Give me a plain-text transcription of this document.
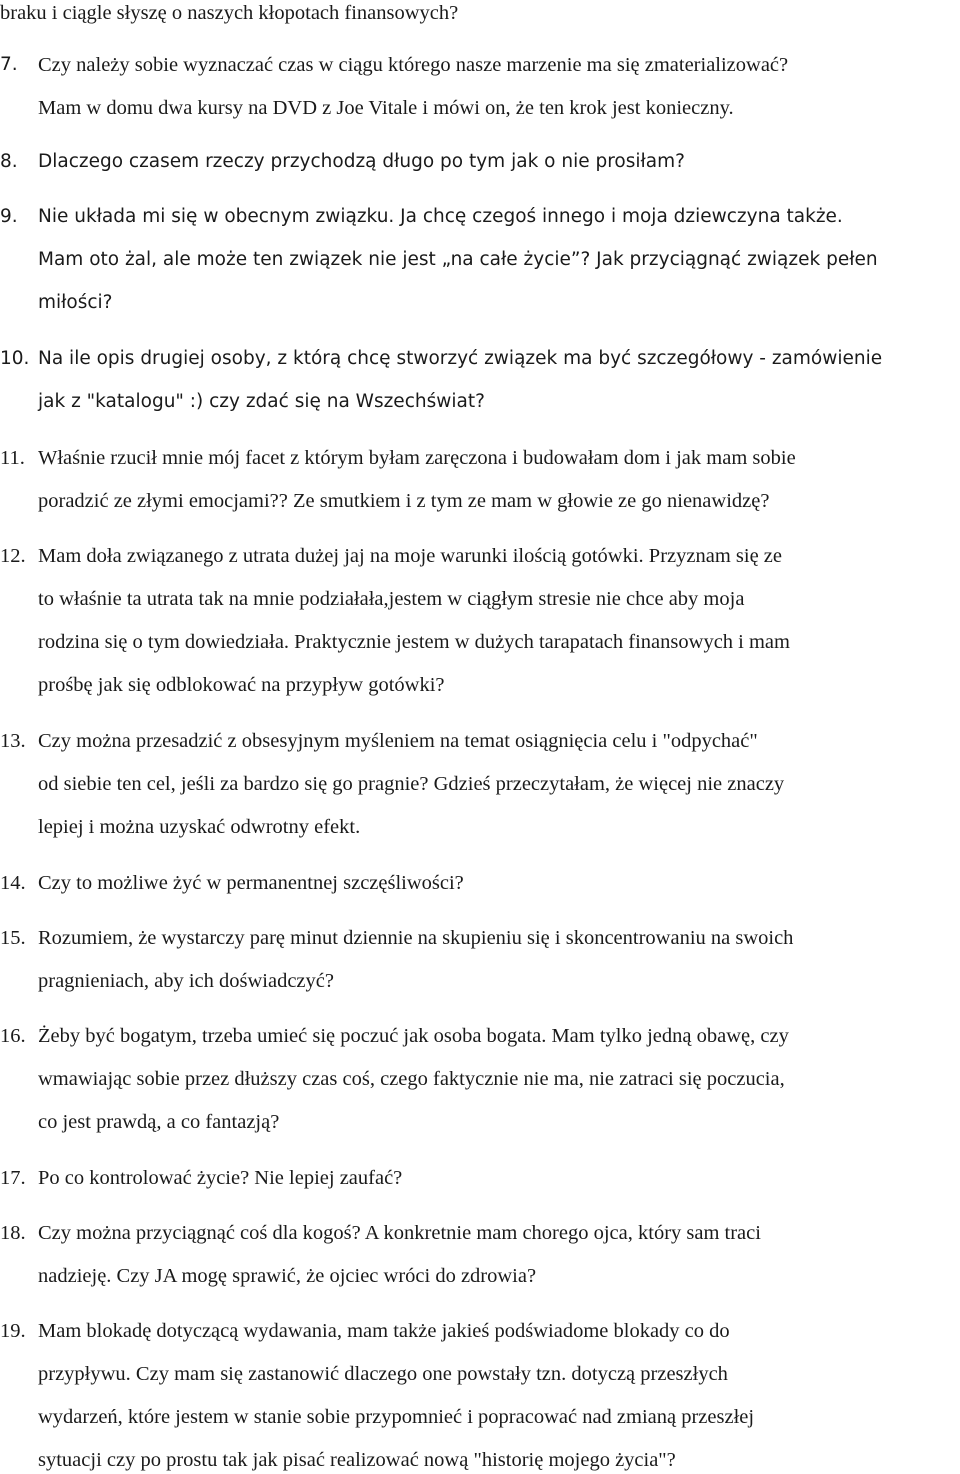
braku i ciągle słyszę o naszych kłopotach finansowych?
7. Czy należy sobie wyznaczać czas w ciągu którego nasze marzenie ma się zmaterializować?
Mam w domu dwa kursy na DVD z Joe Vitale i mówi on, że ten krok jest konieczny.
8. Dlaczego czasem rzeczy przychodzą długo po tym jak o nie prosiłam?
9. Nie układa mi się w obecnym związku. Ja chcę czegoś innego i moja dziewczyna także.
Mam oto żal, ale może ten związek nie jest „na całe życie”? Jak przyciągnąć związek pełen
miłości?
10. Na ile opis drugiej osoby, z którą chcę stworzyć związek ma być szczegółowy - zamówienie
jak z "katalogu" :) czy zdać się na Wszechświat?
11. Właśnie rzucił mnie mój facet z którym byłam zaręczona i budowałam dom i jak mam sobie
poradzić ze złymi emocjami?? Ze smutkiem i z tym ze mam w głowie ze go nienawidzę?
12. Mam doła związanego z utrata dużej jaj na moje warunki ilością gotówki. Przyznam się ze
to właśnie ta utrata tak na mnie podziałała,jestem w ciągłym stresie nie chce aby moja
rodzina się o tym dowiedziała. Praktycznie jestem w dużych tarapatach finansowych i mam
prośbę jak się odblokować na przypływ gotówki?
13. Czy można przesadzić z obsesyjnym myśleniem na temat osiągnięcia celu i "odpychać"
od siebie ten cel, jeśli za bardzo się go pragnie? Gdzieś przeczytałam, że więcej nie znaczy
lepiej i można uzyskać odwrotny efekt.
14. Czy to możliwe żyć w permanentnej szczęśliwości?
15. Rozumiem, że wystarczy parę minut dziennie na skupieniu się i skoncentrowaniu na swoich
pragnieniach, aby ich doświadczyć?
16. Żeby być bogatym, trzeba umieć się poczuć jak osoba bogata. Mam tylko jedną obawę, czy
wmawiając sobie przez dłuższy czas coś, czego faktycznie nie ma, nie zatraci się poczucia,
co jest prawdą, a co fantazją?
17. Po co kontrolować życie? Nie lepiej zaufać?
18. Czy można przyciągnąć coś dla kogoś? A konkretnie mam chorego ojca, który sam traci
nadzieję. Czy JA mogę sprawić, że ojciec wróci do zdrowia?
19. Mam blokadę dotyczącą wydawania, mam także jakieś podświadome blokady co do
przypływu. Czy mam się zastanowić dlaczego one powstały tzn. dotyczą przeszłych
wydarzeń, które jestem w stanie sobie przypomnieć i popracować nad zmianą przeszłej
sytuacji czy po prostu tak jak pisać realizować nową "historię mojego życia"?
